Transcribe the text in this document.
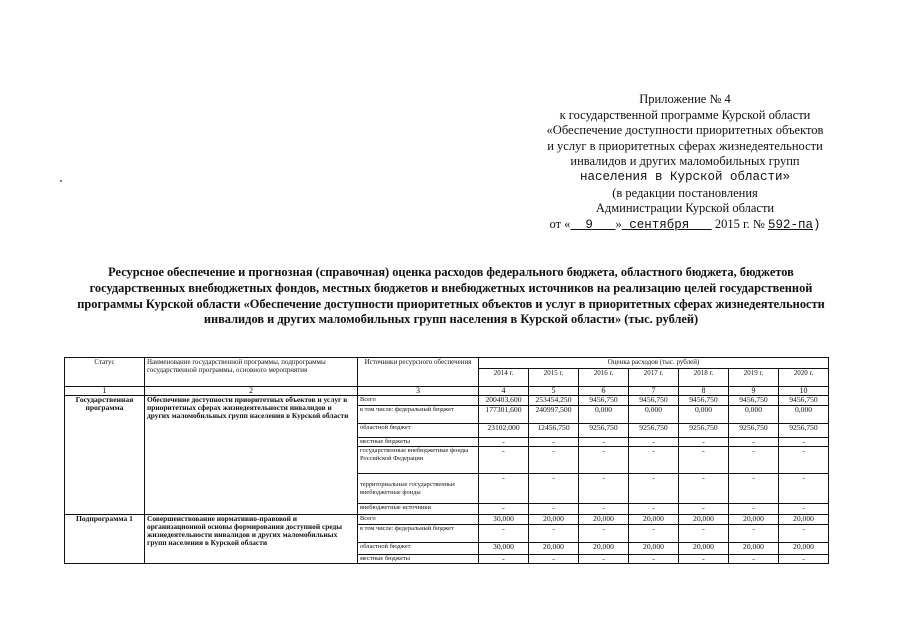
Приложение № 4
к государственной программе Курской области
«Обеспечение доступности приоритетных объектов
и услуг в приоритетных сферах жизнедеятельности
инвалидов и других маломобильных групп
населения в Курской области»
(в редакции постановления
Администрации Курской области
от «  9   » сентября    2015 г. № 592-па)
Ресурсное обеспечение и прогнозная (справочная) оценка расходов федерального бюджета, областного бюджета, бюджетов государственных внебюджетных фондов, местных бюджетов и внебюджетных источников на реализацию целей государственной программы Курской области «Обеспечение доступности приоритетных объектов и услуг в приоритетных сферах жизнедеятельности инвалидов и других маломобильных групп населения в Курской области» (тыс. рублей)
Статус	Наименование государственной программы, подпрограммы государственной программы, основного мероприятия	Источники ресурсного обеспечения	Оценка расходов (тыс. рублей)						
			2014 г.	2015 г.	2016 г.	2017 г.	2018 г.	2019 г.	2020 г.
1	2	3	4	5	6	7	8	9	10
Государственная программа	Обеспечение доступности приоритетных объектов и услуг в приоритетных сферах жизнедеятельности инвалидов и других маломобильных групп населения в Курской области	Всего	200403,600	253454,250	9456,750	9456,750	9456,750	9456,750	9456,750
		в том числе: федеральный бюджет	177301,600	240997,500	0,000	0,000	0,000	0,000	0,000
		областной бюджет	23102,000	12456,750	9256,750	9256,750	9256,750	9256,750	9256,750
		местные бюджеты	-	-	-	-	-	-	-
		государственные внебюджетные фонды Российской Федерации	-	-	-	-	-	-	-
		территориальные государственные внебюджетные фонды	-	-	-	-	-	-	-
		внебюджетные источники	-	-	-	-	-	-	-
Подпрограмма 1	Совершенствование нормативно-правовой и организационной основы формирования доступной среды жизнедеятельности инвалидов и других маломобильных групп населения в Курской области	Всего	30,000	20,000	20,000	20,000	20,000	20,000	20,000
		в том числе: федеральный бюджет	-	-	-	-	-	-	-
		областной бюджет	30,000	20,000	20,000	20,000	20,000	20,000	20,000
		местные бюджеты	-	-	-	-	-	-	-
